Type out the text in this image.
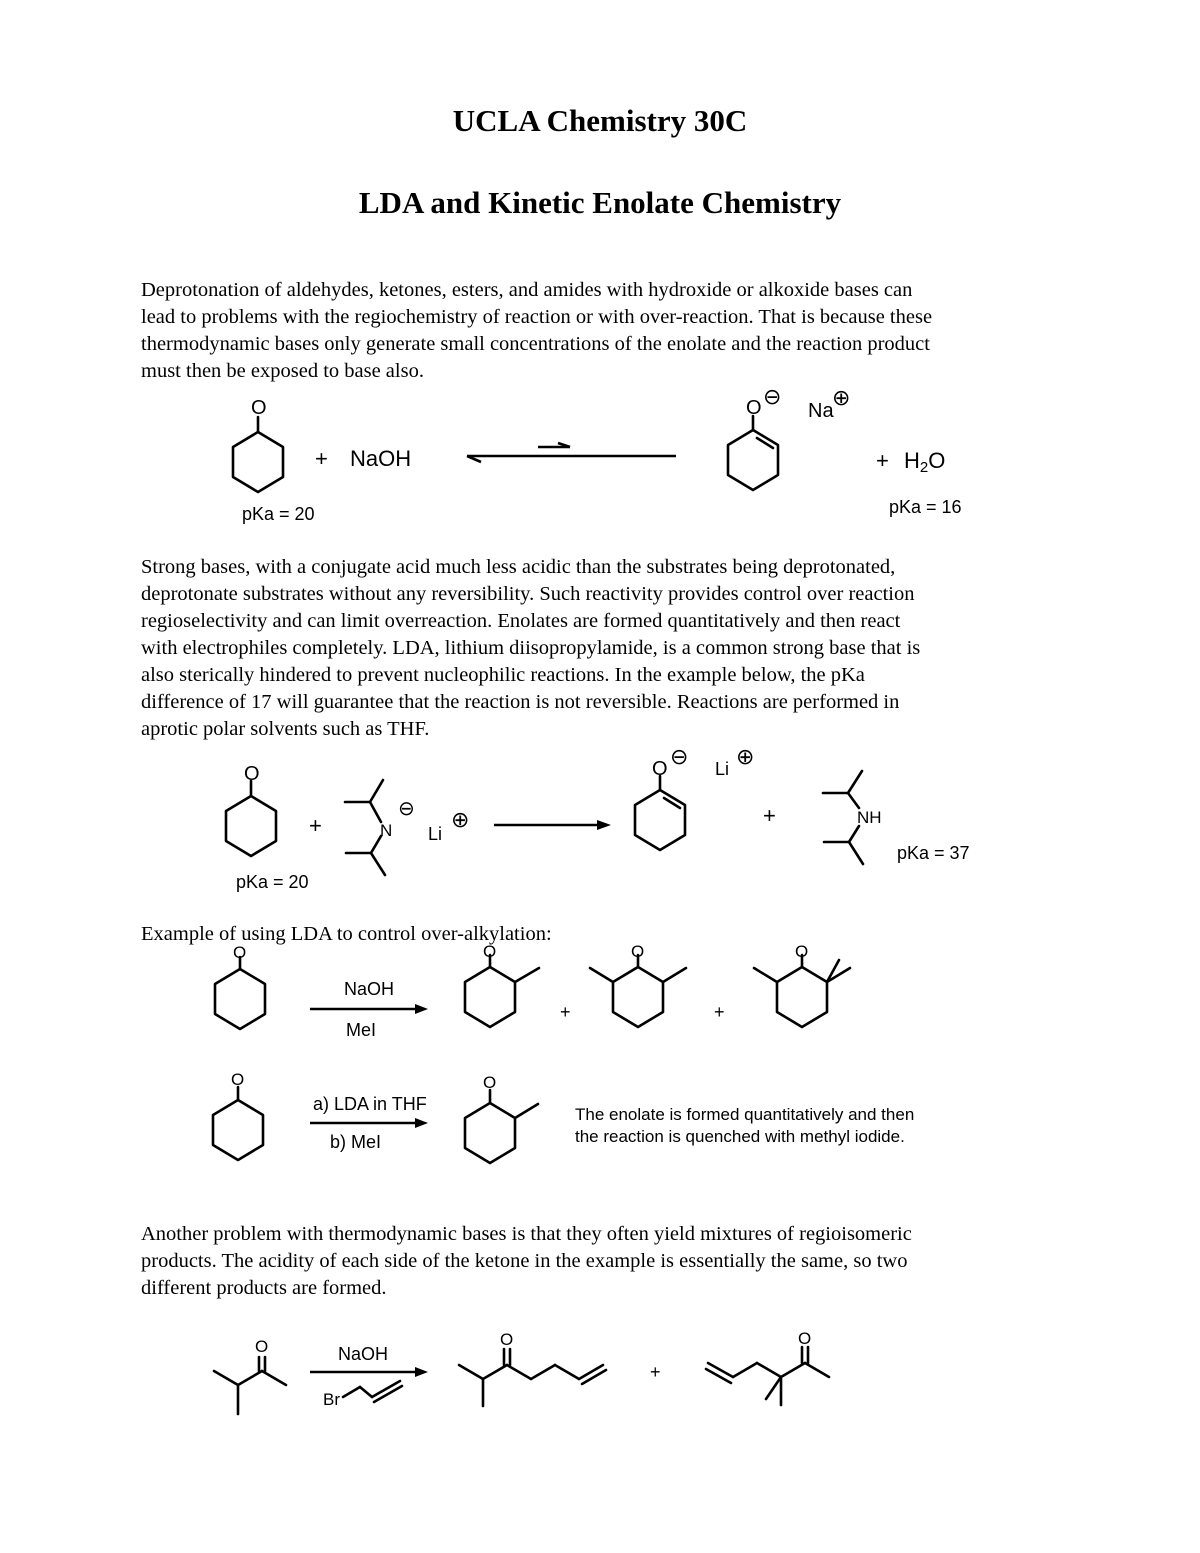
UCLA Chemistry 30C
LDA and Kinetic Enolate Chemistry
Deprotonation of aldehydes, ketones, esters, and amides with hydroxide or alkoxide bases can
lead to problems with the regiochemistry of reaction or with over-reaction. That is because these
thermodynamic bases only generate small concentrations of the enolate and the reaction product
must then be exposed to base also.
Strong bases, with a conjugate acid much less acidic than the substrates being deprotonated,
deprotonate substrates without any reversibility. Such reactivity provides control over reaction
regioselectivity and can limit overreaction. Enolates are formed quantitatively and then react
with electrophiles completely. LDA, lithium diisopropylamide, is a common strong base that is
also sterically hindered to prevent nucleophilic reactions. In the example below, the pKa
difference of 17 will guarantee that the reaction is not reversible. Reactions are performed in
aprotic polar solvents such as THF.
Example of using LDA to control over-alkylation:
Another problem with thermodynamic bases is that they often yield mixtures of regioisomeric
products. The acidity of each side of the ketone in the example is essentially the same, so two
different products are formed.
O
+ NaOH
O ⊖
Na
⊕
+ H2O
pKa = 20	pKa = 16
O
+	N
⊖
Li
⊕
O ⊖ Li ⊕
+	NH
pKa = 20
pKa = 37
O
NaOH
MeI
O
+
O
+
O
O
a) LDA in THF
b) MeI
O
The enolate is formed quantitatively and then
the reaction is quenched with methyl iodide.
O	NaOH
Br
O
+
O
